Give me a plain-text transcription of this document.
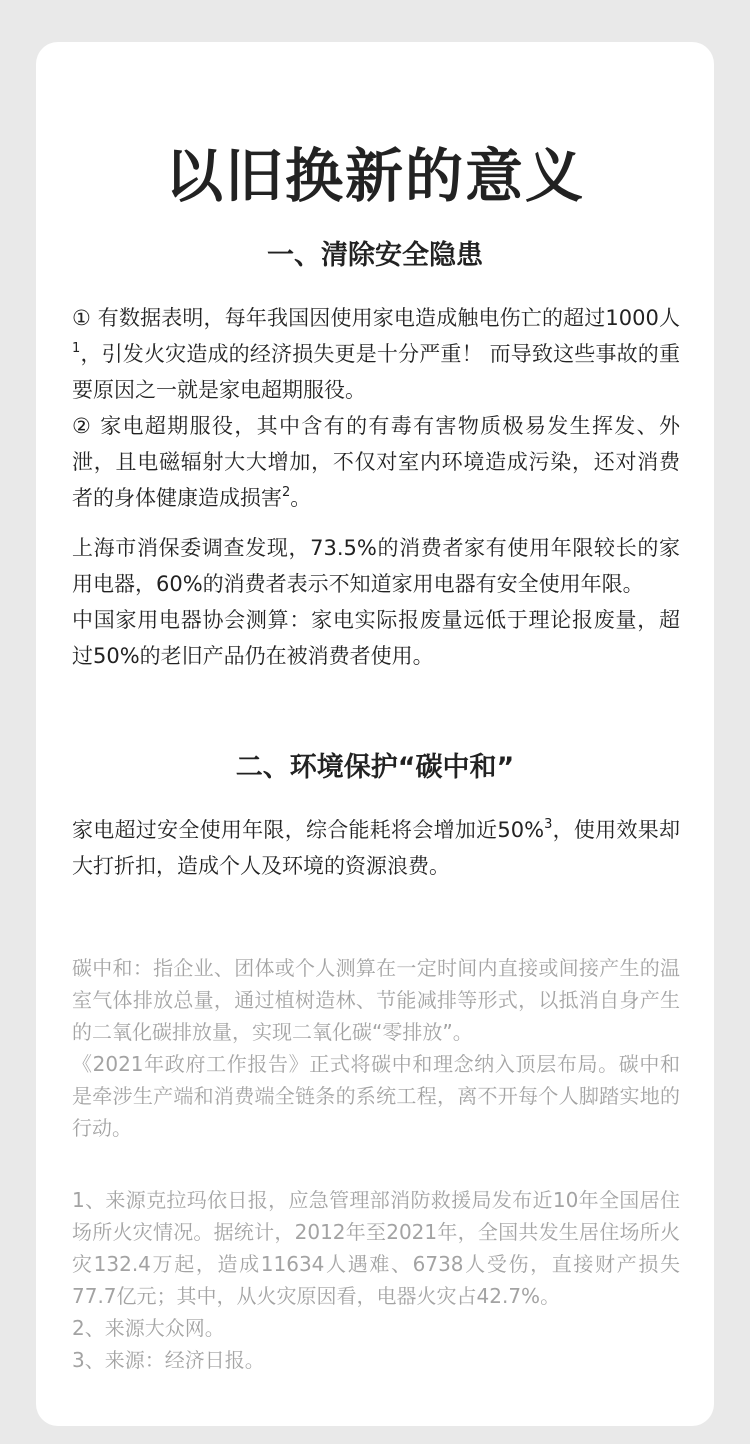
以旧换新的意义
一、清除安全隐患

① 有数据表明，每年我国因使用家电造成触电伤亡的超过1000人$^1$，引发火灾造成的经济损失更是十分严重！ 而导致这些事故的重要原因之一就是家电超期服役。

② 家电超期服役，其中含有的有毒有害物质极易发生挥发、外泄，且电磁辐射大大增加，不仅对室内环境造成污染，还对消费者的身体健康造成损害$^2$。

上海市消保委调查发现，73.5%的消费者家有使用年限较长的家用电器，60%的消费者表示不知道家用电器有安全使用年限。

中国家用电器协会测算：家电实际报废量远低于理论报废量，超过50%的老旧产品仍在被消费者使用。

二、环境保护“碳中和”

家电超过安全使用年限，综合能耗将会增加近50%$^3$，使用效果却大打折扣，造成个人及环境的资源浪费。

碳中和：指企业、团体或个人测算在一定时间内直接或间接产生的温室气体排放总量，通过植树造林、节能减排等形式，以抵消自身产生的二氧化碳排放量，实现二氧化碳“零排放”。

《2021年政府工作报告》正式将碳中和理念纳入顶层布局。碳中和是牵涉生产端和消费端全链条的系统工程，离不开每个人脚踏实地的行动。

1、来源克拉玛依日报，应急管理部消防救援局发布近10年全国居住场所火灾情况。据统计，2012年至2021年，全国共发生居住场所火灾132.4万起，造成11634人遇难、6738人受伤，直接财产损失77.7亿元；其中，从火灾原因看，电器火灾占42.7%。

2、来源大众网。

3、来源：经济日报。
